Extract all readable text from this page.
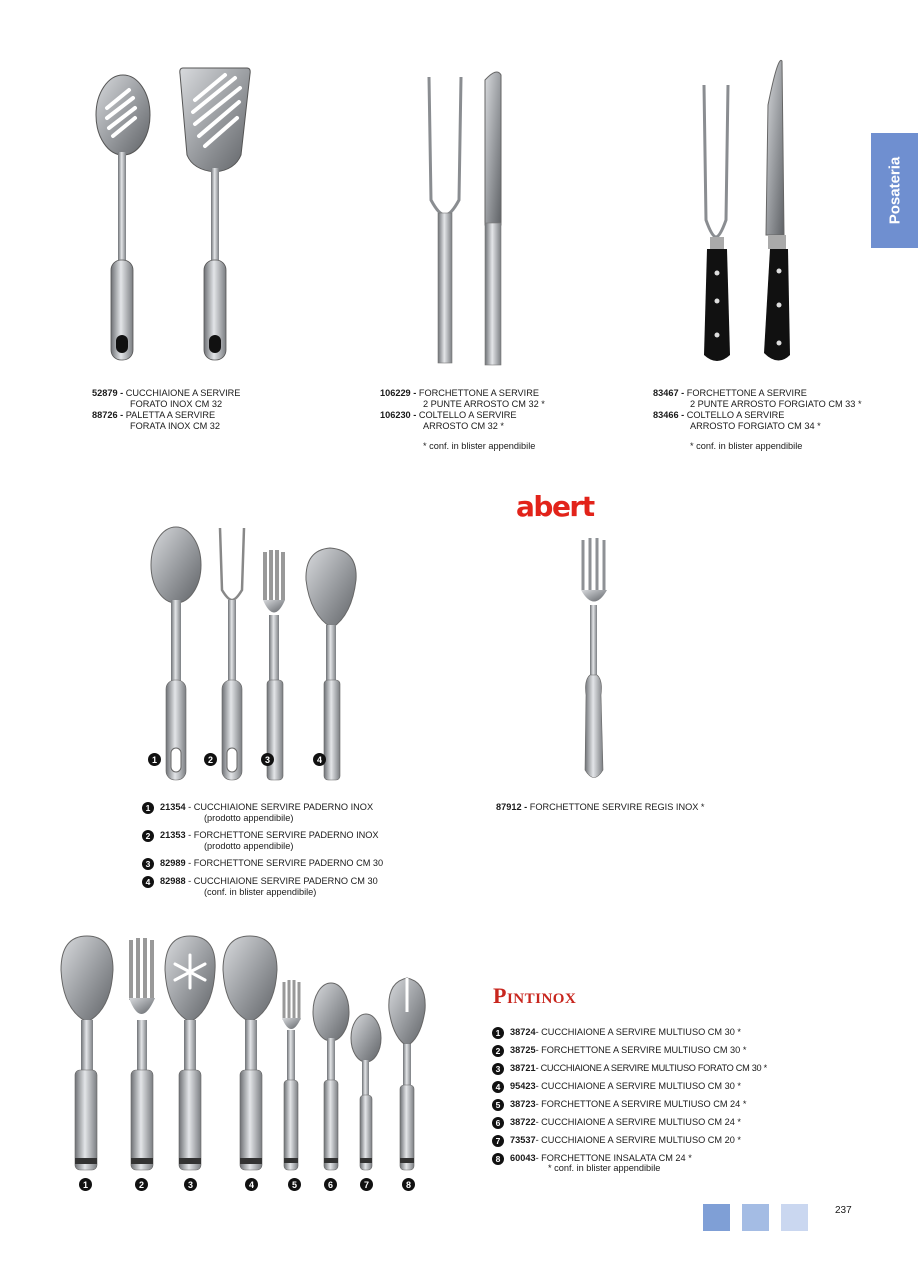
Posateria
52879 - CUCCHIAIONE A SERVIRE
FORATO INOX CM 32
88726 - PALETTA A SERVIRE
FORATA INOX CM 32
106229 - FORCHETTONE A SERVIRE
2 PUNTE ARROSTO CM 32 *
106230 - COLTELLO A SERVIRE
ARROSTO CM 32 *
* conf. in blister appendibile
83467 - FORCHETTONE A SERVIRE
2 PUNTE ARROSTO FORGIATO CM 33 *
83466 - COLTELLO A SERVIRE
ARROSTO FORGIATO CM 34 *
* conf. in blister appendibile
1	2	3	4
1	21354 - CUCCHIAIONE SERVIRE PADERNO INOX
(prodotto appendibile)
2	21353 - FORCHETTONE SERVIRE PADERNO INOX
(prodotto appendibile)
3	82989 - FORCHETTONE SERVIRE PADERNO CM 30
4	82988 - CUCCHIAIONE SERVIRE PADERNO CM 30
(conf. in blister appendibile)
abert
87912 - FORCHETTONE SERVIRE REGIS INOX *
1	2	3	4	5	6	7	8
PINTINOX
1	38724 - CUCCHIAIONE A SERVIRE MULTIUSO CM 30 *
2	38725 - FORCHETTONE A SERVIRE MULTIUSO CM 30 *
3	38721 - CUCCHIAIONE A SERVIRE MULTIUSO FORATO CM 30 *
4	95423 - CUCCHIAIONE A SERVIRE MULTIUSO CM 30 *
5	38723 - FORCHETTONE A SERVIRE MULTIUSO CM 24 *
6	38722 - CUCCHIAIONE A SERVIRE MULTIUSO CM 24 *
7	73537 - CUCCHIAIONE A SERVIRE MULTIUSO CM 20 *
8	60043 - FORCHETTONE INSALATA CM 24 *
* conf. in blister appendibile
237
